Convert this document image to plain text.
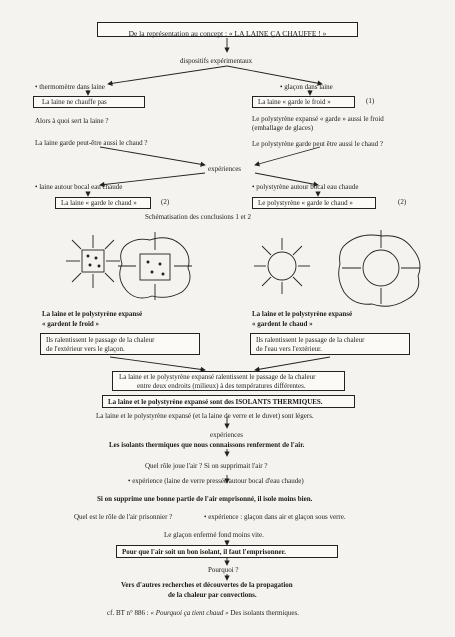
De la représentation au concept : « LA LAINE ÇA CHAUFFE ! »
dispositifs expérimentaux
• thermomètre dans laine
La laine ne chauffe pas
Alors à quoi sert la laine ?
La laine garde peut-être aussi le chaud ?
• glaçon dans laine
La laine « garde le froid »	(1)
Le polystyrène expansé « garde » aussi le froid
(emballage de glaces)
Le polystyrène garde peut être aussi le chaud ?
expériences
• laine autour bocal eau chaude
La laine « garde le chaud »	(2)
• polystyrène autour bocal eau chaude
Le polystyrène « garde le chaud »	(2)
Schématisation des conclusions 1 et 2
La laine et le polystyrène expansé
« gardent le froid »
Ils ralentissent le passage de la chaleur
de l'extérieur vers le glaçon.
La laine et le polystyrène expansé
« gardent le chaud »
Ils ralentissent le passage de la chaleur
de l'eau vers l'extérieur.
La laine et le polystyrène expansé ralentissent le passage de la chaleur
entre deux endroits (milieux) à des températures différentes.
La laine et le polystyrène expansé sont des ISOLANTS THERMIQUES.
La laine et le polystyrène expansé (et la laine de verre et le duvet) sont légers.
expériences
Les isolants thermiques que nous connaissons renferment de l'air.
Quel rôle joue l'air ? Si on supprimait l'air ?
• expérience (laine de verre pressée autour bocal d'eau chaude)
Si on supprime une bonne partie de l'air emprisonné, il isole moins bien.
Quel est le rôle de l'air prisonnier ?	• expérience : glaçon dans air et glaçon sous verre.
Le glaçon enfermé fond moins vite.
Pour que l'air soit un bon isolant, il faut l'emprisonner.
Pourquoi ?
Vers d'autres recherches et découvertes de la propagation
de la chaleur par convections.
cf. BT n° 886 : « Pourquoi ça tient chaud » Des isolants thermiques.
